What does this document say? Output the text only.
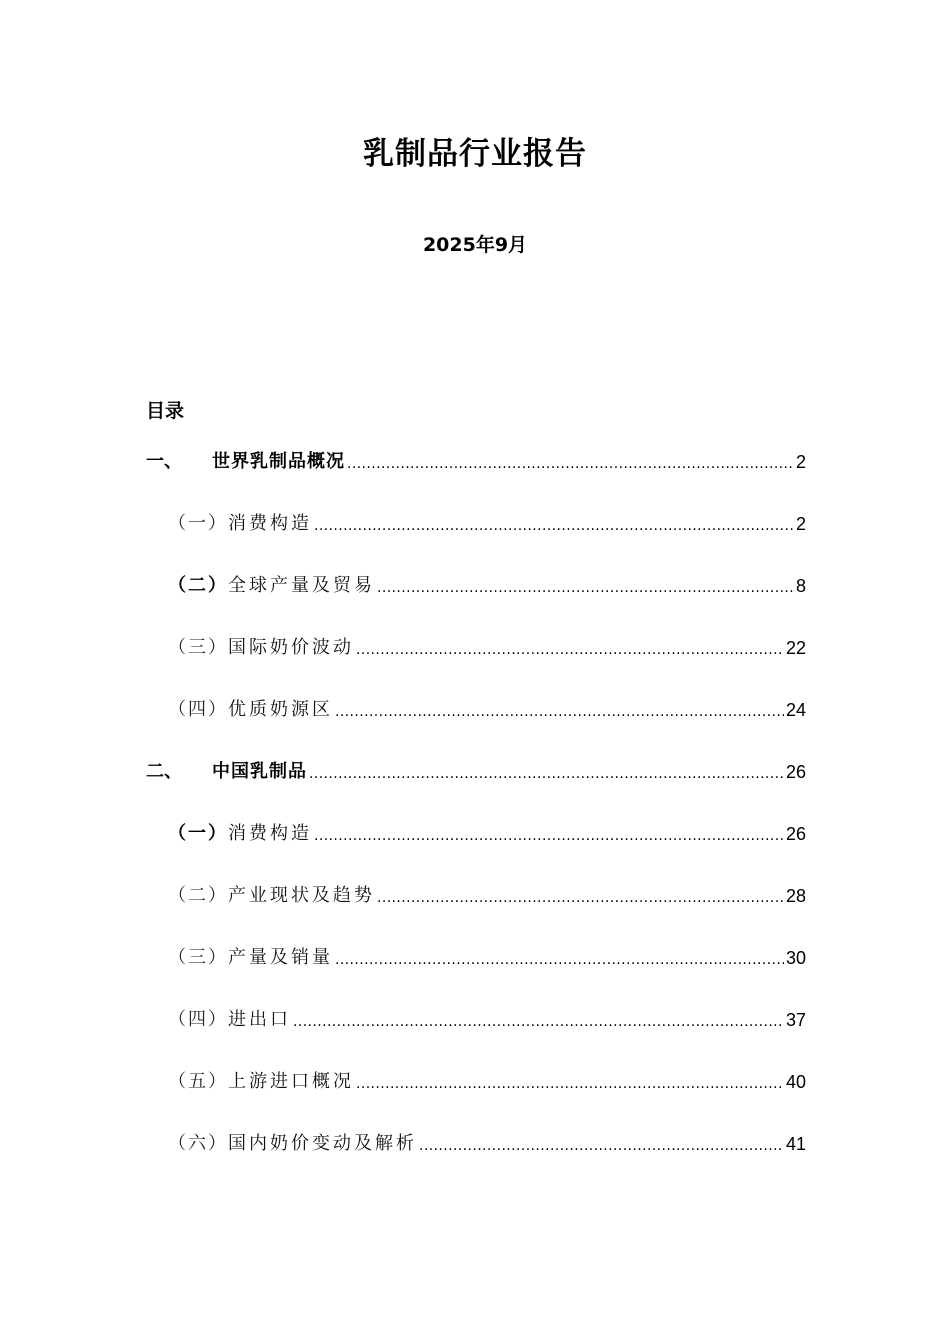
乳制品行业报告
2025年9月
目录
一、	世界乳制品概况 .....	2
（一） 消费构造 .....	2
（二） 全球产量及贸易 .....	8
（三） 国际奶价波动 .....	22
（四） 优质奶源区 .....	24
二、	中国乳制品 .....	26
（一） 消费构造 .....	26
（二） 产业现状及趋势 .....	28
（三） 产量及销量 .....	30
（四） 进出口 .....	37
（五） 上游进口概况 .....	40
（六） 国内奶价变动及解析 .....	41
